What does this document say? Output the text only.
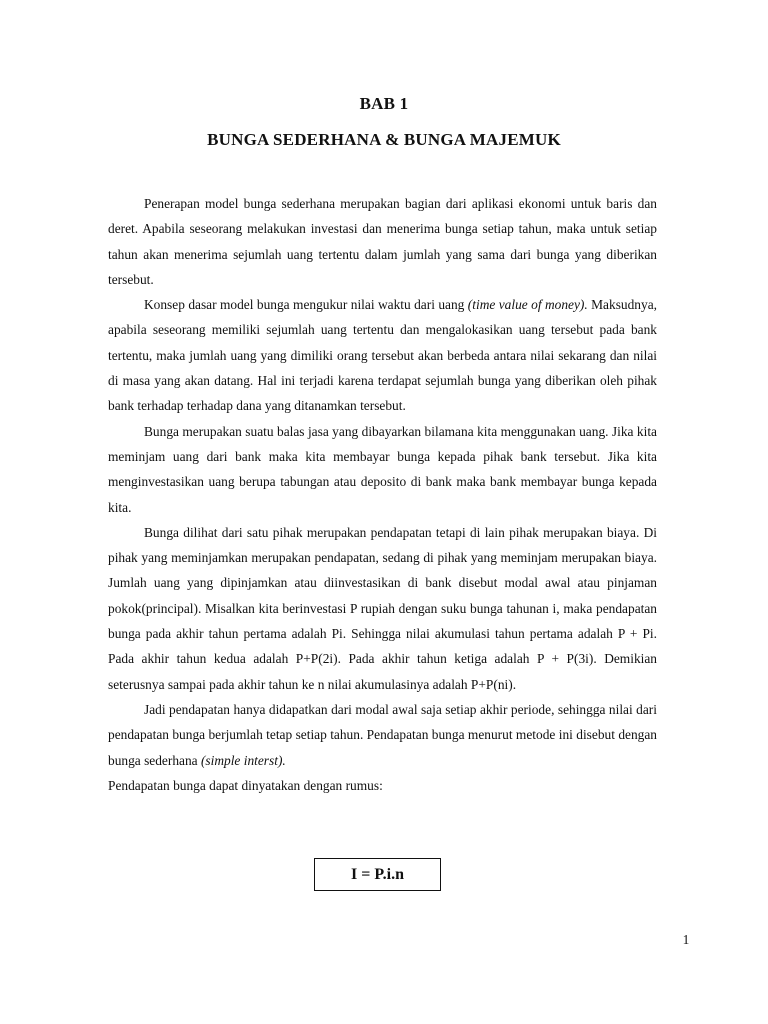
BAB 1
BUNGA SEDERHANA & BUNGA MAJEMUK

Penerapan model bunga sederhana merupakan bagian dari aplikasi ekonomi untuk baris dan deret. Apabila seseorang melakukan investasi dan menerima bunga setiap tahun, maka untuk setiap tahun akan menerima sejumlah uang tertentu dalam jumlah yang sama dari bunga yang diberikan tersebut.

Konsep dasar model bunga mengukur nilai waktu dari uang (time value of money). Maksudnya, apabila seseorang memiliki sejumlah uang tertentu dan mengalokasikan uang tersebut pada bank tertentu, maka jumlah uang yang dimiliki orang tersebut akan berbeda antara nilai sekarang dan nilai di masa yang akan datang. Hal ini terjadi karena terdapat sejumlah bunga yang diberikan oleh pihak bank terhadap terhadap dana yang ditanamkan tersebut.

Bunga merupakan suatu balas jasa yang dibayarkan bilamana kita menggunakan uang. Jika kita meminjam uang dari bank maka kita membayar bunga kepada pihak bank tersebut. Jika kita menginvestasikan uang berupa tabungan atau deposito di bank maka bank membayar bunga kepada kita.

Bunga dilihat dari satu pihak merupakan pendapatan tetapi di lain pihak merupakan biaya. Di pihak yang meminjamkan merupakan pendapatan, sedang di pihak yang meminjam merupakan biaya. Jumlah uang yang dipinjamkan atau diinvestasikan di bank disebut modal awal atau pinjaman pokok(principal). Misalkan kita berinvestasi P rupiah dengan suku bunga tahunan i, maka pendapatan bunga pada akhir tahun pertama adalah Pi. Sehingga nilai akumulasi tahun pertama adalah P + Pi. Pada akhir tahun kedua adalah P+P(2i). Pada akhir tahun ketiga adalah P + P(3i). Demikian seterusnya sampai pada akhir tahun ke n nilai akumulasinya adalah P+P(ni).

Jadi pendapatan hanya didapatkan dari modal awal saja setiap akhir periode, sehingga nilai dari pendapatan bunga berjumlah tetap setiap tahun. Pendapatan bunga menurut metode ini disebut dengan bunga sederhana (simple interst).

Pendapatan bunga dapat dinyatakan dengan rumus:

I = P.i.n
1
